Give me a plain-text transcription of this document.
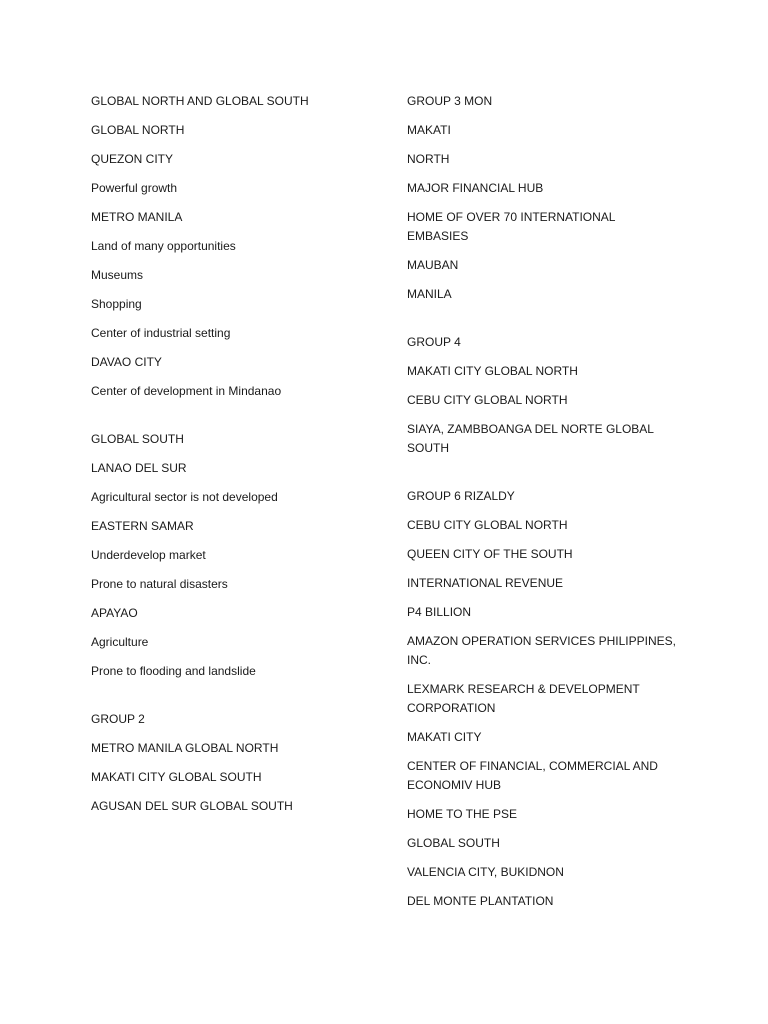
GLOBAL NORTH AND GLOBAL SOUTH
GLOBAL NORTH
QUEZON CITY
Powerful growth
METRO MANILA
Land of many opportunities
Museums
Shopping
Center of industrial setting
DAVAO CITY
Center of development in Mindanao
GLOBAL SOUTH
LANAO DEL SUR
Agricultural sector is not developed
EASTERN SAMAR
Underdevelop market
Prone to natural disasters
APAYAO
Agriculture
Prone to flooding and landslide
GROUP 2
METRO MANILA GLOBAL NORTH
MAKATI CITY GLOBAL SOUTH
AGUSAN DEL SUR GLOBAL SOUTH
GROUP 3 MON
MAKATI
NORTH
MAJOR FINANCIAL HUB
HOME OF OVER 70 INTERNATIONAL EMBASIES
MAUBAN
MANILA
GROUP 4
MAKATI CITY GLOBAL NORTH
CEBU CITY GLOBAL NORTH
SIAYA, ZAMBBOANGA DEL NORTE GLOBAL SOUTH
GROUP 6 RIZALDY
CEBU CITY GLOBAL NORTH
QUEEN CITY OF THE SOUTH
INTERNATIONAL REVENUE
P4 BILLION
AMAZON OPERATION SERVICES PHILIPPINES, INC.
LEXMARK RESEARCH & DEVELOPMENT CORPORATION
MAKATI CITY
CENTER OF FINANCIAL, COMMERCIAL AND ECONOMIV HUB
HOME TO THE PSE
GLOBAL SOUTH
VALENCIA CITY, BUKIDNON
DEL MONTE PLANTATION
